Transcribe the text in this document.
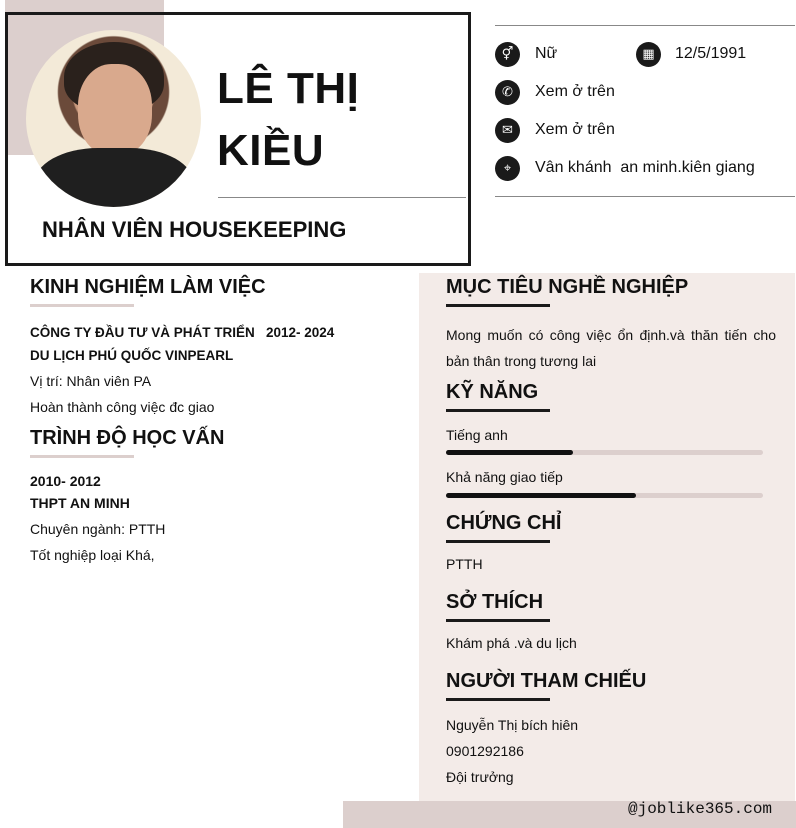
LÊ THỊ
KIỀU
NHÂN VIÊN HOUSEKEEPING
⚥	Nữ	▦	12/5/1991
✆	Xem ở trên
✉	Xem ở trên
⌖	Vân khánh  an minh.kiên giang
KINH NGHIỆM LÀM VIỆC
CÔNG TY ĐẦU TƯ VÀ PHÁT TRIỂN
DU LỊCH PHÚ QUỐC VINPEARL
2012- 2024
Vị trí: Nhân viên PA
Hoàn thành công việc đc giao
TRÌNH ĐỘ HỌC VẤN
2010- 2012
THPT AN MINH
Chuyên ngành: PTTH
Tốt nghiệp loại Khá,
MỤC TIÊU NGHỀ NGHIỆP
Mong muốn có công việc ổn định.và thăn tiến cho bản thân trong tương lai
KỸ NĂNG
Tiếng anh
Khả năng giao tiếp
CHỨNG CHỈ
PTTH
SỞ THÍCH
Khám phá .và du lịch
NGƯỜI THAM CHIẾU
Nguyễn Thị bích hiên
0901292186
Đội trưởng
@joblike365.com
